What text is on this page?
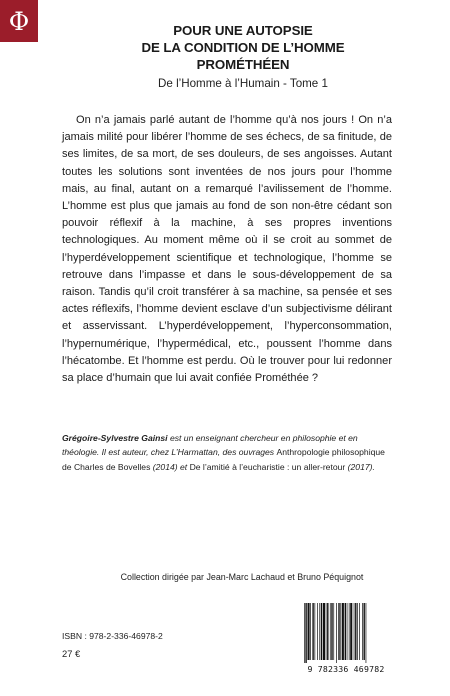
Φ	POUR UNE AUTOPSIE
DE LA CONDITION DE L’HOMME PROMÉTHÉEN

De l’Homme à l’Humain - Tome 1

On n’a jamais parlé autant de l’homme qu’à nos jours ! On n’a jamais milité pour libérer l’homme de ses échecs, de sa finitude, de ses limites, de sa mort, de ses douleurs, de ses angoisses. Autant toutes les solutions sont inventées de nos jours pour l’homme mais, au final, autant on a remarqué l’avilissement de l’homme. L’homme est plus que jamais au fond de son non-être cédant son pouvoir réflexif à la machine, à ses propres inventions technologiques. Au moment même où il se croit au sommet de l’hyperdéveloppement scientifique et technologique, l’homme se retrouve dans l’impasse et dans le sous-développement de sa raison. Tandis qu’il croit transférer à sa machine, sa pensée et ses actes réflexifs, l’homme devient esclave d’un subjectivisme délirant et asservissant. L’hyperdéveloppement, l’hyperconsommation, l’hypernumérique, l’hypermédical, etc., poussent l’homme dans l’hécatombe. Et l’homme est perdu. Où le trouver pour lui redonner sa place d’humain que lui avait confiée Prométhée ?

Grégoire-Sylvestre Gainsi est un enseignant chercheur en philosophie et en théologie. Il est auteur, chez L’Harmattan, des ouvrages Anthropologie philosophique de Charles de Bovelles (2014) et De l’amitié à l’eucharistie : un aller-retour (2017).

Collection dirigée par Jean-Marc Lachaud et Bruno Péquignot
ISBN : 978-2-336-46978-2
27 €
9 782336 469782
